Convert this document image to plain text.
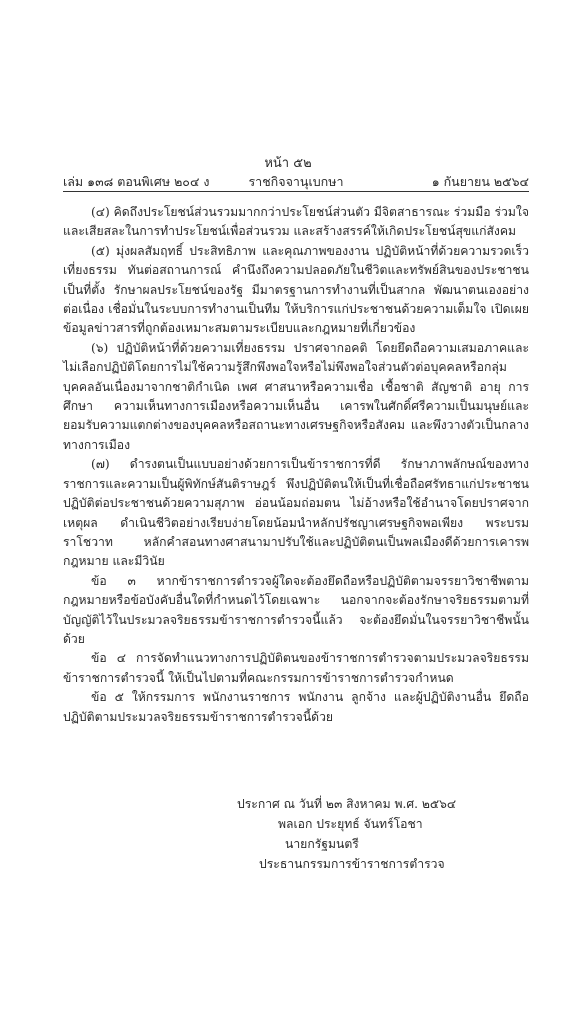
หน้า ๕๒
เล่ม ๑๓๘ ตอนพิเศษ ๒๐๔ ง	ราชกิจจานุเบกษา	๑ กันยายน ๒๕๖๔

(๔) คิดถึงประโยชน์ส่วนรวมมากกว่าประโยชน์ส่วนตัว มีจิตสาธารณะ ร่วมมือ ร่วมใจ และเสียสละในการทำประโยชน์เพื่อส่วนรวม และสร้างสรรค์ให้เกิดประโยชน์สุขแก่สังคม

(๕) มุ่งผลสัมฤทธิ์ ประสิทธิภาพ และคุณภาพของงาน ปฏิบัติหน้าที่ด้วยความรวดเร็ว เที่ยงธรรม ทันต่อสถานการณ์ คำนึงถึงความปลอดภัยในชีวิตและทรัพย์สินของประชาชนเป็นที่ตั้ง รักษาผลประโยชน์ของรัฐ มีมาตรฐานการทำงานที่เป็นสากล พัฒนาตนเองอย่างต่อเนื่อง เชื่อมั่นในระบบการทำงานเป็นทีม ให้บริการแก่ประชาชนด้วยความเต็มใจ เปิดเผยข้อมูลข่าวสารที่ถูกต้องเหมาะสมตามระเบียบและกฎหมายที่เกี่ยวข้อง

(๖) ปฏิบัติหน้าที่ด้วยความเที่ยงธรรม ปราศจากอคติ โดยยึดถือความเสมอภาคและไม่เลือกปฏิบัติโดยการไม่ใช้ความรู้สึกพึงพอใจหรือไม่พึงพอใจส่วนตัวต่อบุคคลหรือกลุ่มบุคคลอันเนื่องมาจากชาติกำเนิด เพศ ศาสนาหรือความเชื่อ เชื้อชาติ สัญชาติ อายุ การศึกษา ความเห็นทางการเมืองหรือความเห็นอื่น เคารพในศักดิ์ศรีความเป็นมนุษย์และยอมรับความแตกต่างของบุคคลหรือสถานะทางเศรษฐกิจหรือสังคม และพึงวางตัวเป็นกลางทางการเมือง

(๗) ดำรงตนเป็นแบบอย่างด้วยการเป็นข้าราชการที่ดี รักษาภาพลักษณ์ของทางราชการและความเป็นผู้พิทักษ์สันติราษฎร์ พึงปฏิบัติตนให้เป็นที่เชื่อถือศรัทธาแก่ประชาชน ปฏิบัติต่อประชาชนด้วยความสุภาพ อ่อนน้อมถ่อมตน ไม่อ้างหรือใช้อำนาจโดยปราศจากเหตุผล ดำเนินชีวิตอย่างเรียบง่ายโดยน้อมนำหลักปรัชญาเศรษฐกิจพอเพียง พระบรมราโชวาท หลักคำสอนทางศาสนามาปรับใช้และปฏิบัติตนเป็นพลเมืองดีด้วยการเคารพกฎหมาย และมีวินัย

ข้อ ๓ หากข้าราชการตำรวจผู้ใดจะต้องยึดถือหรือปฏิบัติตามจรรยาวิชาชีพตามกฎหมายหรือข้อบังคับอื่นใดที่กำหนดไว้โดยเฉพาะ นอกจากจะต้องรักษาจริยธรรมตามที่บัญญัติไว้ในประมวลจริยธรรมข้าราชการตำรวจนี้แล้ว จะต้องยึดมั่นในจรรยาวิชาชีพนั้นด้วย

ข้อ ๔ การจัดทำแนวทางการปฏิบัติตนของข้าราชการตำรวจตามประมวลจริยธรรมข้าราชการตำรวจนี้ ให้เป็นไปตามที่คณะกรรมการข้าราชการตำรวจกำหนด

ข้อ ๕ ให้กรรมการ พนักงานราชการ พนักงาน ลูกจ้าง และผู้ปฏิบัติงานอื่น ยึดถือปฏิบัติตามประมวลจริยธรรมข้าราชการตำรวจนี้ด้วย

ประกาศ ณ วันที่ ๒๓ สิงหาคม พ.ศ. ๒๕๖๔
พลเอก ประยุทธ์ จันทร์โอชา
นายกรัฐมนตรี
ประธานกรรมการข้าราชการตำรวจ
